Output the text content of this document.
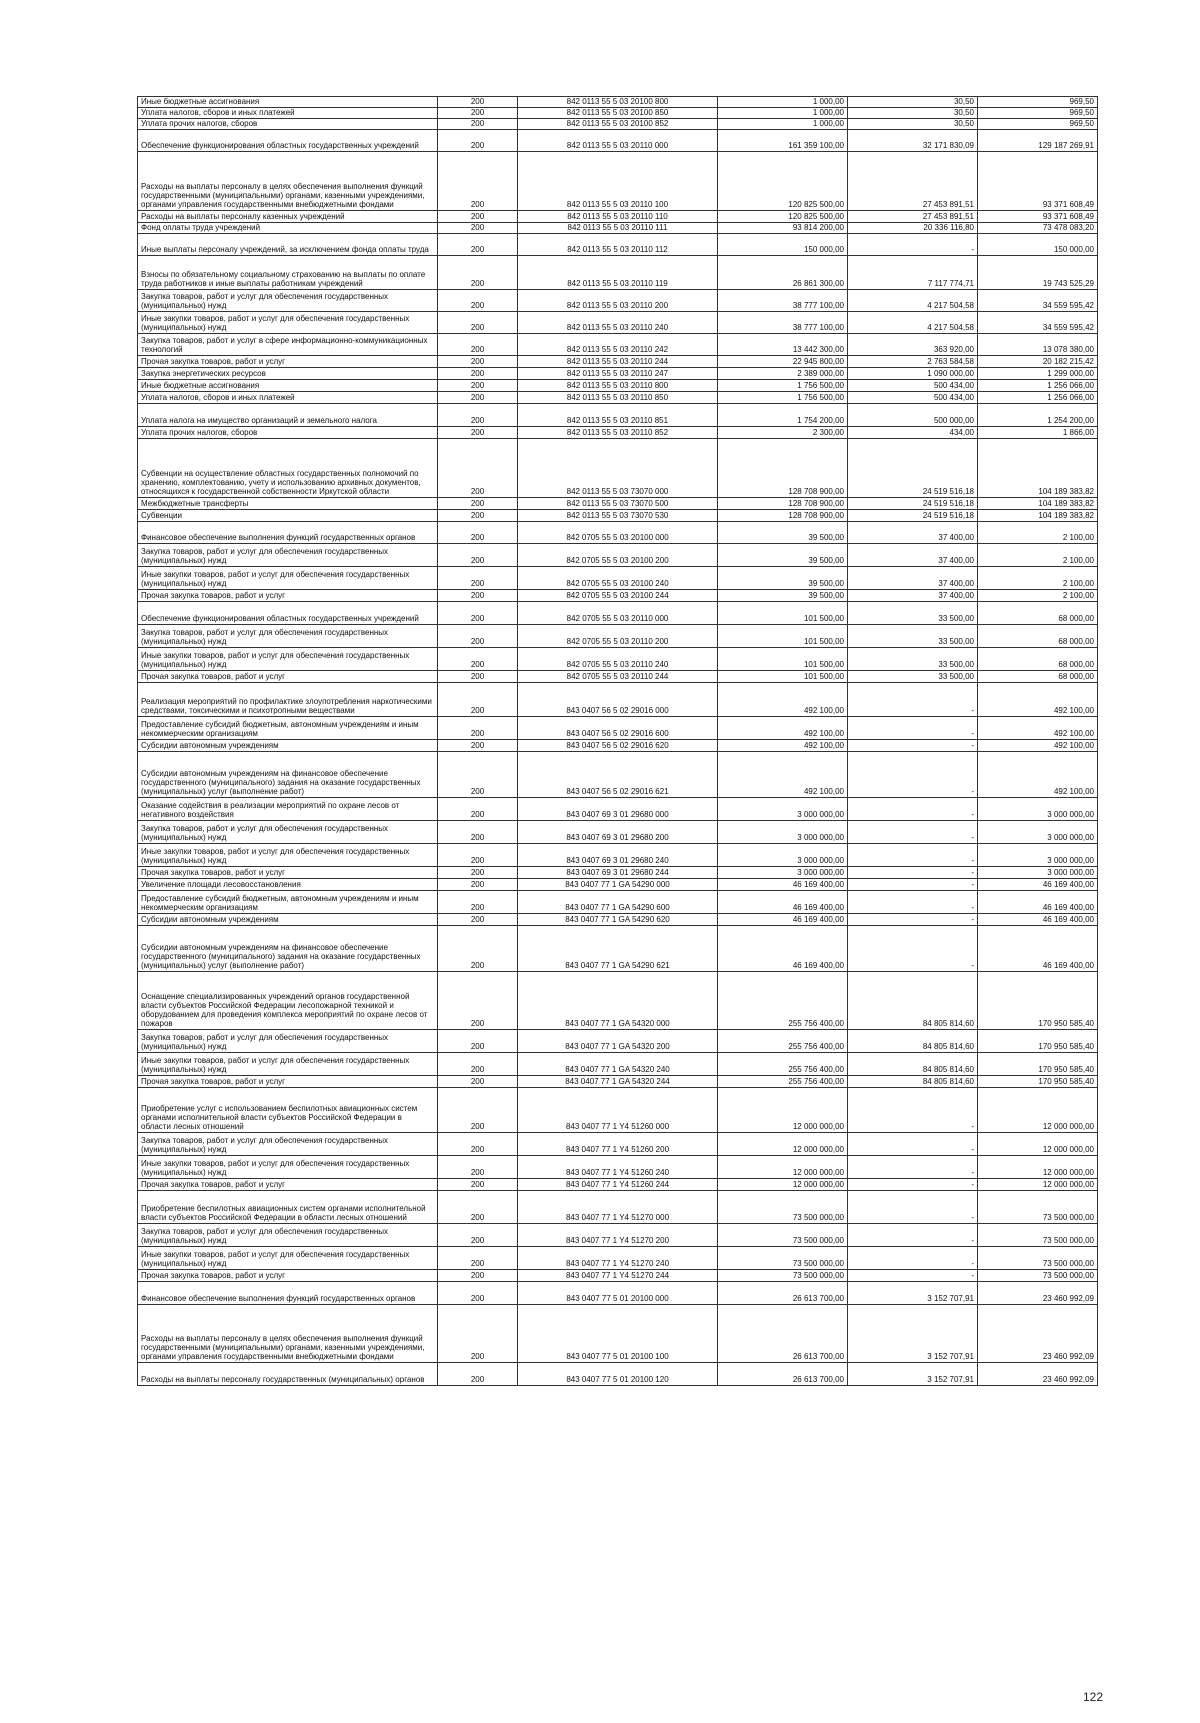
Иные бюджетные ассигнования	200	842 0113 55 5 03 20100 800	1 000,00	30,50	969,50
Уплата налогов, сборов и иных платежей	200	842 0113 55 5 03 20100 850	1 000,00	30,50	969,50
Уплата прочих налогов, сборов	200	842 0113 55 5 03 20100 852	1 000,00	30,50	969,50
Обеспечение функционирования областных государственных учреждений	200	842 0113 55 5 03 20110 000	161 359 100,00	32 171 830,09	129 187 269,91
Расходы на выплаты персоналу в целях обеспечения выполнения функций государственными (муниципальными) органами, казенными учреждениями, органами управления государственными внебюджетными фондами	200	842 0113 55 5 03 20110 100	120 825 500,00	27 453 891,51	93 371 608,49
Расходы на выплаты персоналу казенных учреждений	200	842 0113 55 5 03 20110 110	120 825 500,00	27 453 891,51	93 371 608,49
Фонд оплаты труда учреждений	200	842 0113 55 5 03 20110 111	93 814 200,00	20 336 116,80	73 478 083,20
Иные выплаты персоналу учреждений, за исключением фонда оплаты труда	200	842 0113 55 5 03 20110 112	150 000,00	-	150 000,00
Взносы по обязательному социальному страхованию на выплаты по оплате труда работников и иные выплаты работникам учреждений	200	842 0113 55 5 03 20110 119	26 861 300,00	7 117 774,71	19 743 525,29
Закупка товаров, работ и услуг для обеспечения государственных (муниципальных) нужд	200	842 0113 55 5 03 20110 200	38 777 100,00	4 217 504,58	34 559 595,42
Иные закупки товаров, работ и услуг для обеспечения государственных (муниципальных) нужд	200	842 0113 55 5 03 20110 240	38 777 100,00	4 217 504,58	34 559 595,42
Закупка товаров, работ и услуг в сфере информационно-коммуникационных технологий	200	842 0113 55 5 03 20110 242	13 442 300,00	363 920,00	13 078 380,00
Прочая закупка товаров, работ и услуг	200	842 0113 55 5 03 20110 244	22 945 800,00	2 763 584,58	20 182 215,42
Закупка энергетических ресурсов	200	842 0113 55 5 03 20110 247	2 389 000,00	1 090 000,00	1 299 000,00
Иные бюджетные ассигнования	200	842 0113 55 5 03 20110 800	1 756 500,00	500 434,00	1 256 066,00
Уплата налогов, сборов и иных платежей	200	842 0113 55 5 03 20110 850	1 756 500,00	500 434,00	1 256 066,00
Уплата налога на имущество организаций и земельного налога	200	842 0113 55 5 03 20110 851	1 754 200,00	500 000,00	1 254 200,00
Уплата прочих налогов, сборов	200	842 0113 55 5 03 20110 852	2 300,00	434,00	1 866,00
Субвенции на осуществление областных государственных полномочий по хранению, комплектованию, учету и использованию архивных документов, относящихся к государственной собственности Иркутской области	200	842 0113 55 5 03 73070 000	128 708 900,00	24 519 516,18	104 189 383,82
Межбюджетные трансферты	200	842 0113 55 5 03 73070 500	128 708 900,00	24 519 516,18	104 189 383,82
Субвенции	200	842 0113 55 5 03 73070 530	128 708 900,00	24 519 516,18	104 189 383,82
Финансовое обеспечение выполнения функций государственных органов	200	842 0705 55 5 03 20100 000	39 500,00	37 400,00	2 100,00
Закупка товаров, работ и услуг для обеспечения государственных (муниципальных) нужд	200	842 0705 55 5 03 20100 200	39 500,00	37 400,00	2 100,00
Иные закупки товаров, работ и услуг для обеспечения государственных (муниципальных) нужд	200	842 0705 55 5 03 20100 240	39 500,00	37 400,00	2 100,00
Прочая закупка товаров, работ и услуг	200	842 0705 55 5 03 20100 244	39 500,00	37 400,00	2 100,00
Обеспечение функционирования областных государственных учреждений	200	842 0705 55 5 03 20110 000	101 500,00	33 500,00	68 000,00
Закупка товаров, работ и услуг для обеспечения государственных (муниципальных) нужд	200	842 0705 55 5 03 20110 200	101 500,00	33 500,00	68 000,00
Иные закупки товаров, работ и услуг для обеспечения государственных (муниципальных) нужд	200	842 0705 55 5 03 20110 240	101 500,00	33 500,00	68 000,00
Прочая закупка товаров, работ и услуг	200	842 0705 55 5 03 20110 244	101 500,00	33 500,00	68 000,00
Реализация мероприятий по профилактике злоупотребления наркотическими средствами, токсическими и психотропными веществами	200	843 0407 56 5 02 29016 000	492 100,00	-	492 100,00
Предоставление субсидий бюджетным, автономным учреждениям и иным некоммерческим организациям	200	843 0407 56 5 02 29016 600	492 100,00	-	492 100,00
Субсидии автономным учреждениям	200	843 0407 56 5 02 29016 620	492 100,00	-	492 100,00
Субсидии автономным учреждениям на финансовое обеспечение государственного (муниципального) задания на оказание государственных (муниципальных) услуг (выполнение работ)	200	843 0407 56 5 02 29016 621	492 100,00	-	492 100,00
Оказание содействия в реализации мероприятий по охране лесов от негативного воздействия	200	843 0407 69 3 01 29680 000	3 000 000,00	-	3 000 000,00
Закупка товаров, работ и услуг для обеспечения государственных (муниципальных) нужд	200	843 0407 69 3 01 29680 200	3 000 000,00	-	3 000 000,00
Иные закупки товаров, работ и услуг для обеспечения государственных (муниципальных) нужд	200	843 0407 69 3 01 29680 240	3 000 000,00	-	3 000 000,00
Прочая закупка товаров, работ и услуг	200	843 0407 69 3 01 29680 244	3 000 000,00	-	3 000 000,00
Увеличение площади лесовосстановления	200	843 0407 77 1 GA 54290 000	46 169 400,00	-	46 169 400,00
Предоставление субсидий бюджетным, автономным учреждениям и иным некоммерческим организациям	200	843 0407 77 1 GA 54290 600	46 169 400,00	-	46 169 400,00
Субсидии автономным учреждениям	200	843 0407 77 1 GA 54290 620	46 169 400,00	-	46 169 400,00
Субсидии автономным учреждениям на финансовое обеспечение государственного (муниципального) задания на оказание государственных (муниципальных) услуг (выполнение работ)	200	843 0407 77 1 GA 54290 621	46 169 400,00	-	46 169 400,00
Оснащение специализированных учреждений органов государственной власти субъектов Российской Федерации лесопожарной техникой и оборудованием для проведения комплекса мероприятий по охране лесов от пожаров	200	843 0407 77 1 GA 54320 000	255 756 400,00	84 805 814,60	170 950 585,40
Закупка товаров, работ и услуг для обеспечения государственных (муниципальных) нужд	200	843 0407 77 1 GA 54320 200	255 756 400,00	84 805 814,60	170 950 585,40
Иные закупки товаров, работ и услуг для обеспечения государственных (муниципальных) нужд	200	843 0407 77 1 GA 54320 240	255 756 400,00	84 805 814,60	170 950 585,40
Прочая закупка товаров, работ и услуг	200	843 0407 77 1 GA 54320 244	255 756 400,00	84 805 814,60	170 950 585,40
Приобретение услуг с использованием беспилотных авиационных систем органами исполнительной власти субъектов Российской Федерации в области лесных отношений	200	843 0407 77 1 Y4 51260 000	12 000 000,00	-	12 000 000,00
Закупка товаров, работ и услуг для обеспечения государственных (муниципальных) нужд	200	843 0407 77 1 Y4 51260 200	12 000 000,00	-	12 000 000,00
Иные закупки товаров, работ и услуг для обеспечения государственных (муниципальных) нужд	200	843 0407 77 1 Y4 51260 240	12 000 000,00	-	12 000 000,00
Прочая закупка товаров, работ и услуг	200	843 0407 77 1 Y4 51260 244	12 000 000,00	-	12 000 000,00
Приобретение беспилотных авиационных систем органами исполнительной власти субъектов Российской Федерации в области лесных отношений	200	843 0407 77 1 Y4 51270 000	73 500 000,00	-	73 500 000,00
Закупка товаров, работ и услуг для обеспечения государственных (муниципальных) нужд	200	843 0407 77 1 Y4 51270 200	73 500 000,00	-	73 500 000,00
Иные закупки товаров, работ и услуг для обеспечения государственных (муниципальных) нужд	200	843 0407 77 1 Y4 51270 240	73 500 000,00	-	73 500 000,00
Прочая закупка товаров, работ и услуг	200	843 0407 77 1 Y4 51270 244	73 500 000,00	-	73 500 000,00
Финансовое обеспечение выполнения функций государственных органов	200	843 0407 77 5 01 20100 000	26 613 700,00	3 152 707,91	23 460 992,09
Расходы на выплаты персоналу в целях обеспечения выполнения функций государственными (муниципальными) органами, казенными учреждениями, органами управления государственными внебюджетными фондами	200	843 0407 77 5 01 20100 100	26 613 700,00	3 152 707,91	23 460 992,09
Расходы на выплаты персоналу государственных (муниципальных) органов	200	843 0407 77 5 01 20100 120	26 613 700,00	3 152 707,91	23 460 992,09
122
